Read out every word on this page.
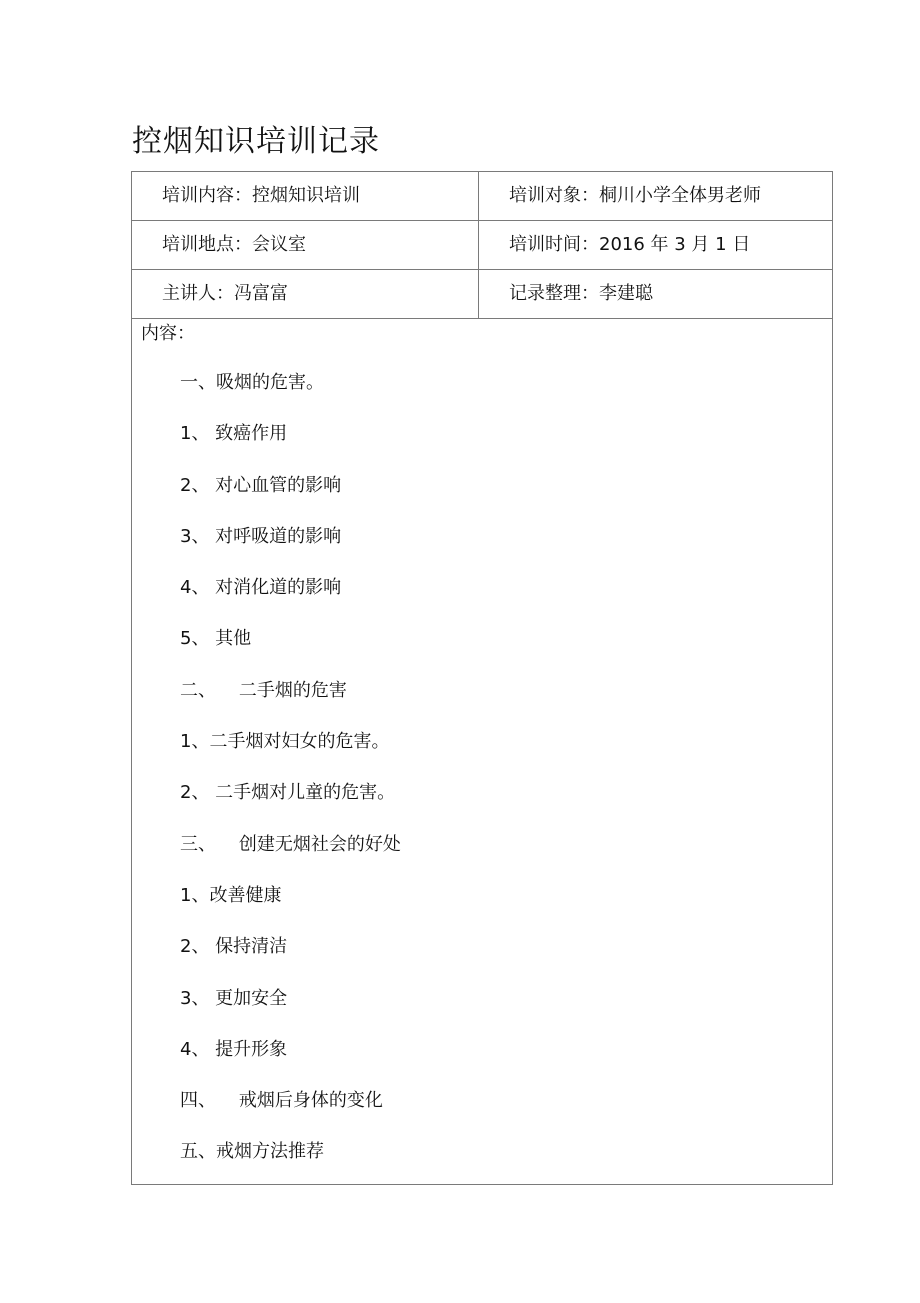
控烟知识培训记录
培训内容：控烟知识培训	培训对象：桐川小学全体男老师
培训地点：会议室	培训时间：2016 年 3 月 1 日
主讲人：冯富富	记录整理：李建聪
内容：
一、吸烟的危害。
1、 致癌作用
2、 对心血管的影响
3、 对呼吸道的影响
4、 对消化道的影响
5、 其他
二、    二手烟的危害
1、二手烟对妇女的危害。
2、 二手烟对儿童的危害。
三、    创建无烟社会的好处
1、改善健康
2、 保持清洁
3、 更加安全
4、 提升形象
四、    戒烟后身体的变化
五、戒烟方法推荐
